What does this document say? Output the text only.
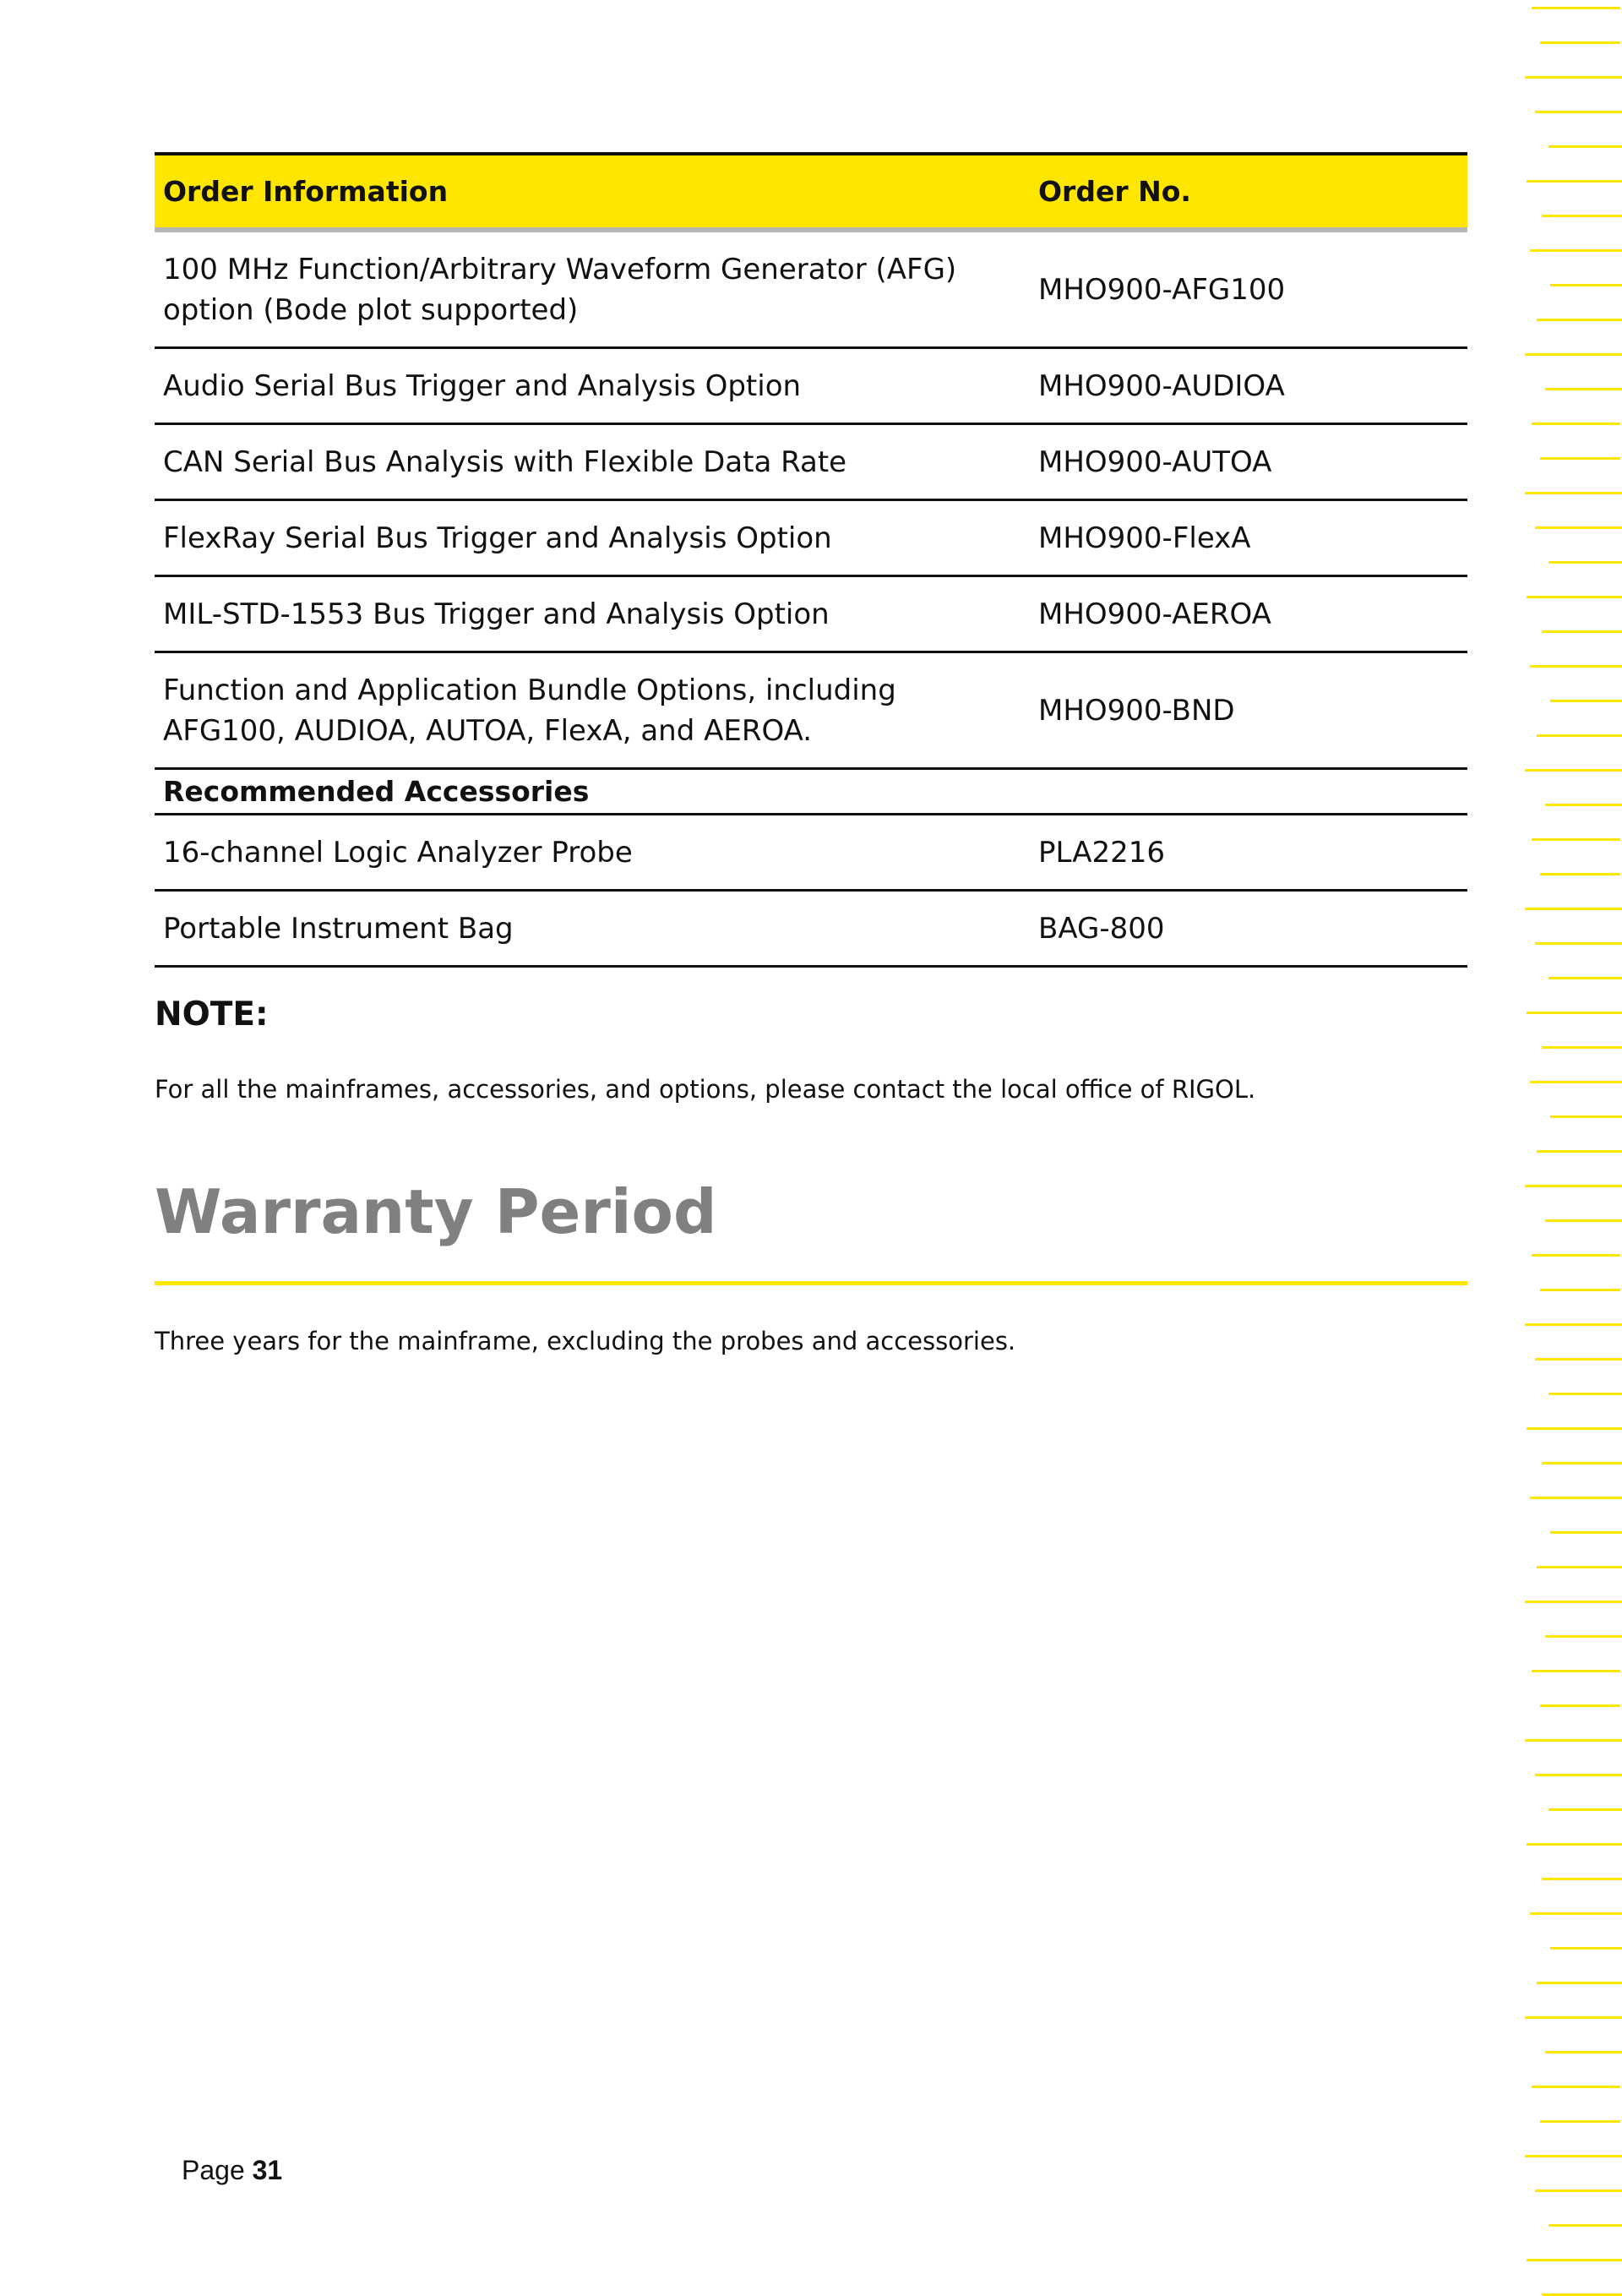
Order Information	Order No.
100 MHz Function/Arbitrary Waveform Generator (AFG) option (Bode plot supported)	MHO900-AFG100
Audio Serial Bus Trigger and Analysis Option	MHO900-AUDIOA
CAN Serial Bus Analysis with Flexible Data Rate	MHO900-AUTOA
FlexRay Serial Bus Trigger and Analysis Option	MHO900-FlexA
MIL-STD-1553 Bus Trigger and Analysis Option	MHO900-AEROA
Function and Application Bundle Options, including AFG100, AUDIOA, AUTOA, FlexA, and AEROA.	MHO900-BND
Recommended Accessories	
16-channel Logic Analyzer Probe	PLA2216
Portable Instrument Bag	BAG-800
NOTE:

For all the mainframes, accessories, and options, please contact the local office of RIGOL.

Warranty Period

Three years for the mainframe, excluding the probes and accessories.

Page 31
